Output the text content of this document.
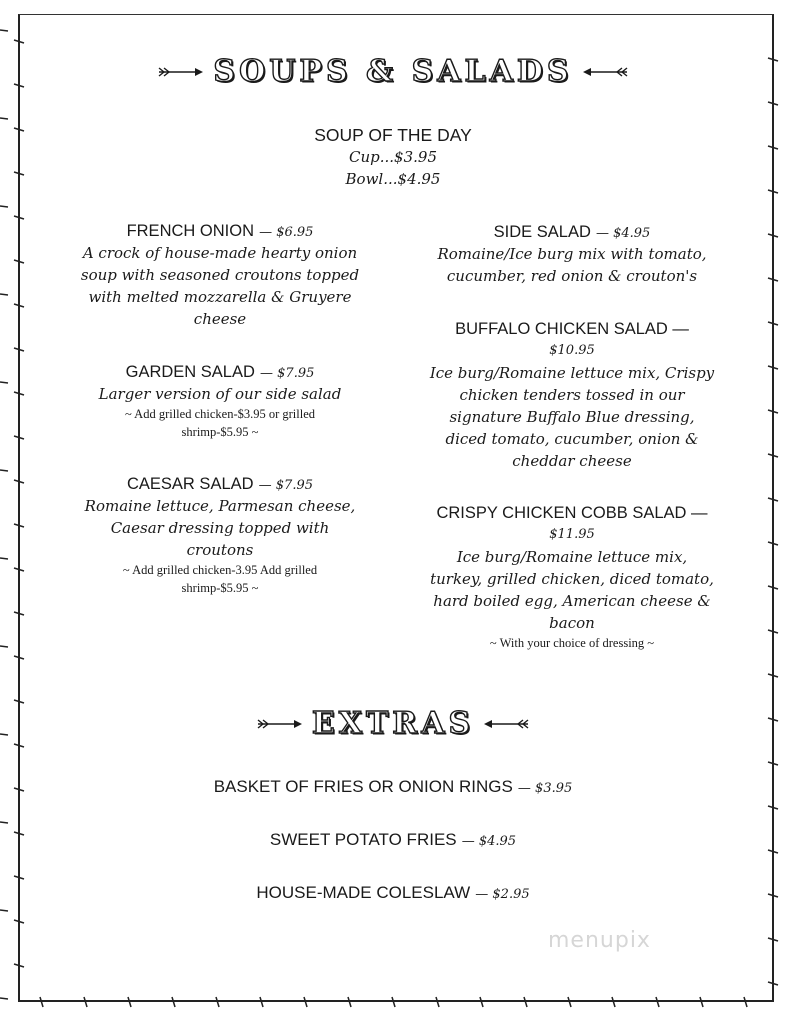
SOUPS & SALADS
SOUP OF THE DAY
Cup...$3.95
Bowl...$4.95
FRENCH ONION — $6.95
A crock of house-made hearty onion
soup with seasoned croutons topped
with melted mozzarella & Gruyere
cheese
GARDEN SALAD — $7.95
Larger version of our side salad
~ Add grilled chicken-$3.95 or grilled
shrimp-$5.95 ~
CAESAR SALAD — $7.95
Romaine lettuce, Parmesan cheese,
Caesar dressing topped with
croutons
~ Add grilled chicken-3.95 Add grilled
shrimp-$5.95 ~
SIDE SALAD — $4.95
Romaine/Ice burg mix with tomato,
cucumber, red onion & crouton's
BUFFALO CHICKEN SALAD —
$10.95
Ice burg/Romaine lettuce mix, Crispy
chicken tenders tossed in our
signature Buffalo Blue dressing,
diced tomato, cucumber, onion &
cheddar cheese
CRISPY CHICKEN COBB SALAD —
$11.95
Ice burg/Romaine lettuce mix,
turkey, grilled chicken, diced tomato,
hard boiled egg, American cheese &
bacon
~ With your choice of dressing ~
EXTRAS
BASKET OF FRIES OR ONION RINGS — $3.95
SWEET POTATO FRIES — $4.95
HOUSE-MADE COLESLAW — $2.95
menupix
